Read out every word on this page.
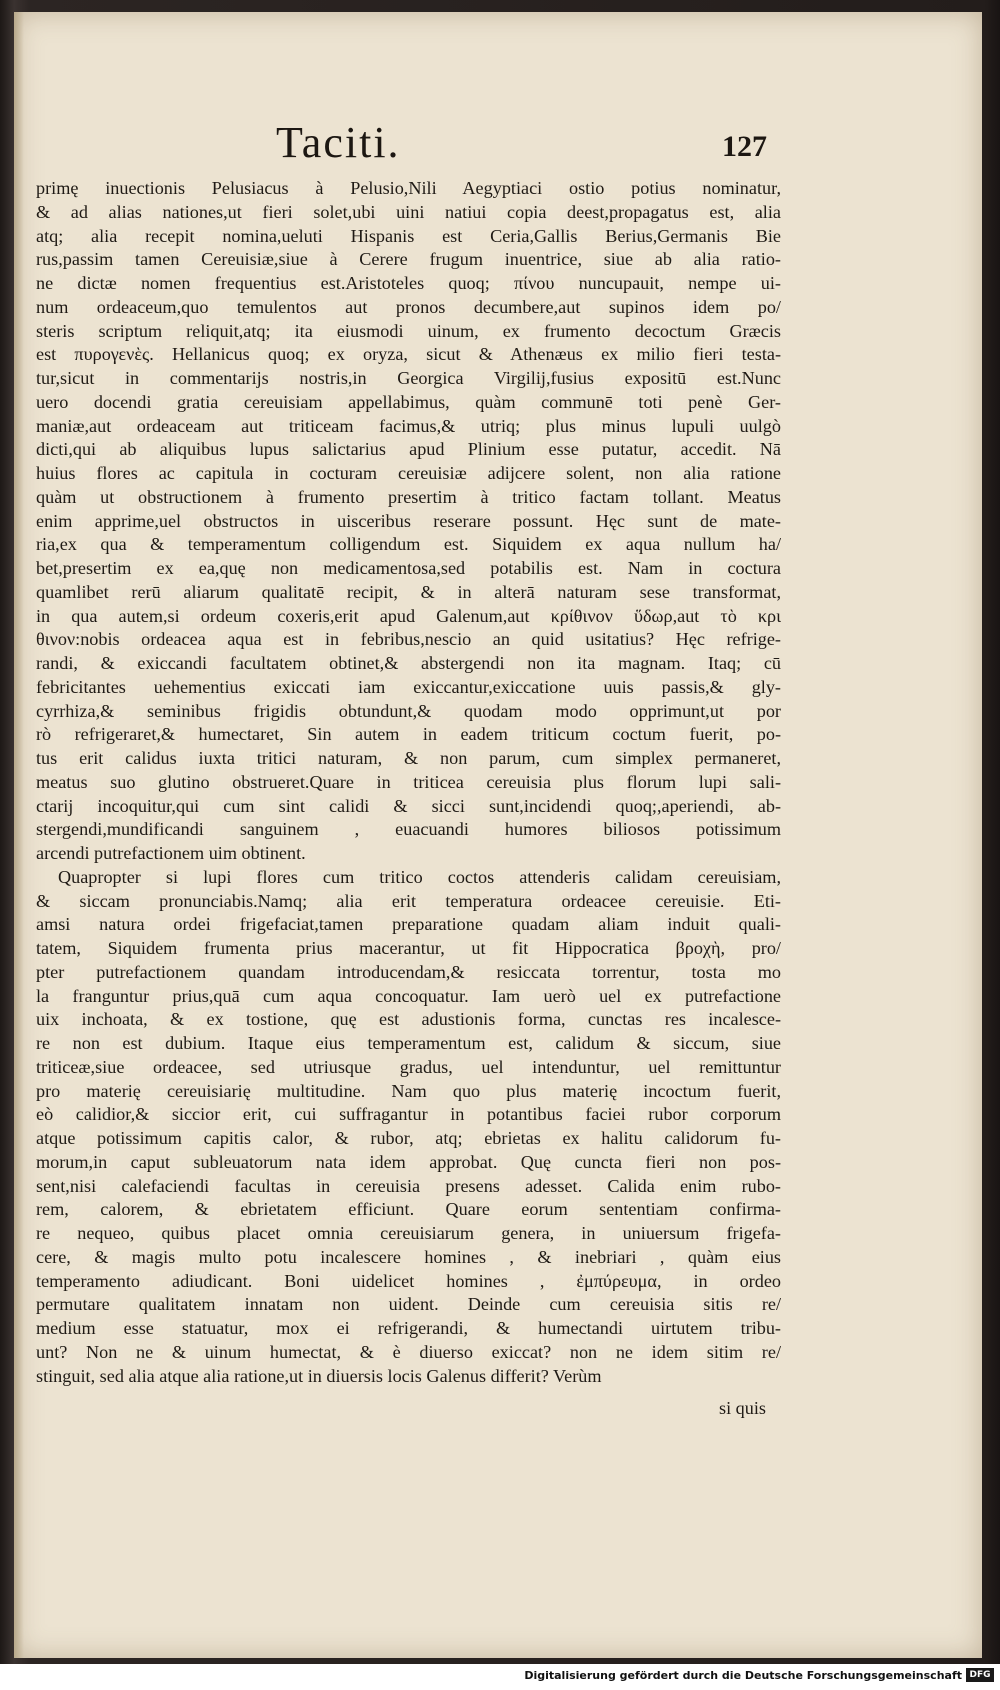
Taciti.	127
primę inuectionis Pelusiacus à Pelusio,Nili Aegyptiaci ostio potius nominatur,
& ad alias nationes,ut fieri solet,ubi uini natiui copia deest,propagatus est, alia
atq; alia recepit nomina,ueluti Hispanis est Ceria,Gallis Berius,Germanis Bie
rus,passim tamen Cereuisiæ,siue à Cerere frugum inuentrice, siue ab alia ratio-
ne dictæ nomen frequentius est.Aristoteles quoq; πίνου nuncupauit, nempe ui-
num ordeaceum,quo temulentos aut pronos decumbere,aut supinos idem po/
steris scriptum reliquit,atq; ita eiusmodi uinum, ex frumento decoctum Græcis
est πυρογενὲς. Hellanicus quoq; ex oryza, sicut & Athenæus ex milio fieri testa-
tur,sicut in commentarijs nostris,in Georgica Virgilij,fusius expositū est.Nunc
uero docendi gratia cereuisiam appellabimus, quàm communē toti penè Ger-
maniæ,aut ordeaceam aut triticeam facimus,& utriq; plus minus lupuli uulgò
dicti,qui ab aliquibus lupus salictarius apud Plinium esse putatur, accedit. Nā
huius flores ac capitula in cocturam cereuisiæ adijcere solent, non alia ratione
quàm ut obstructionem à frumento presertim à tritico factam tollant. Meatus
enim apprime,uel obstructos in uisceribus reserare possunt. Hęc sunt de mate-
ria,ex qua & temperamentum colligendum est. Siquidem ex aqua nullum ha/
bet,presertim ex ea,quę non medicamentosa,sed potabilis est. Nam in coctura
quamlibet rerū aliarum qualitatē recipit, & in alterā naturam sese transformat,
in qua autem,si ordeum coxeris,erit apud Galenum,aut κρίθινον ὕδωρ,aut τὸ κρι
θινον:nobis ordeacea aqua est in febribus,nescio an quid usitatius? Hęc refrige-
randi, & exiccandi facultatem obtinet,& abstergendi non ita magnam. Itaq; cū
febricitantes uehementius exiccati iam exiccantur,exiccatione uuis passis,& gly-
cyrrhiza,& seminibus frigidis obtundunt,& quodam modo opprimunt,ut por
rò refrigeraret,& humectaret, Sin autem in eadem triticum coctum fuerit, po-
tus erit calidus iuxta tritici naturam, & non parum, cum simplex permaneret,
meatus suo glutino obstrueret.Quare in triticea cereuisia plus florum lupi sali-
ctarij incoquitur,qui cum sint calidi & sicci sunt,incidendi quoq;,aperiendi, ab-
stergendi,mundificandi sanguinem , euacuandi humores biliosos potissimum
arcendi putrefactionem uim obtinent.
Quapropter si lupi flores cum tritico coctos attenderis calidam cereuisiam,
& siccam pronunciabis.Namq; alia erit temperatura ordeacee cereuisie. Eti-
amsi natura ordei frigefaciat,tamen preparatione quadam aliam induit quali-
tatem, Siquidem frumenta prius macerantur, ut fit Hippocratica βροχὴ, pro/
pter putrefactionem quandam introducendam,& resiccata torrentur, tosta mo
la franguntur prius,quā cum aqua concoquatur. Iam uerò uel ex putrefactione
uix inchoata, & ex tostione, quę est adustionis forma, cunctas res incalesce-
re non est dubium. Itaque eius temperamentum est, calidum & siccum, siue
triticeæ,siue ordeacee, sed utriusque gradus, uel intenduntur, uel remittuntur
pro materię cereuisiarię multitudine. Nam quo plus materię incoctum fuerit,
eò calidior,& siccior erit, cui suffragantur in potantibus faciei rubor corporum
atque potissimum capitis calor, & rubor, atq; ebrietas ex halitu calidorum fu-
morum,in caput subleuatorum nata idem approbat. Quę cuncta fieri non pos-
sent,nisi calefaciendi facultas in cereuisia presens adesset. Calida enim rubo-
rem, calorem, & ebrietatem efficiunt. Quare eorum sententiam confirma-
re nequeo, quibus placet omnia cereuisiarum genera, in uniuersum frigefa-
cere, & magis multo potu incalescere homines , & inebriari , quàm eius
temperamento adiudicant. Boni uidelicet homines , ἐμπύρευμα, in ordeo
permutare qualitatem innatam non uident. Deinde cum cereuisia sitis re/
medium esse statuatur, mox ei refrigerandi, & humectandi uirtutem tribu-
unt? Non ne & uinum humectat, & è diuerso exiccat? non ne idem sitim re/
stinguit, sed alia atque alia ratione,ut in diuersis locis Galenus differit? Verùm
si quis
Digitalisierung gefördert durch die Deutsche Forschungsgemeinschaft DFG
